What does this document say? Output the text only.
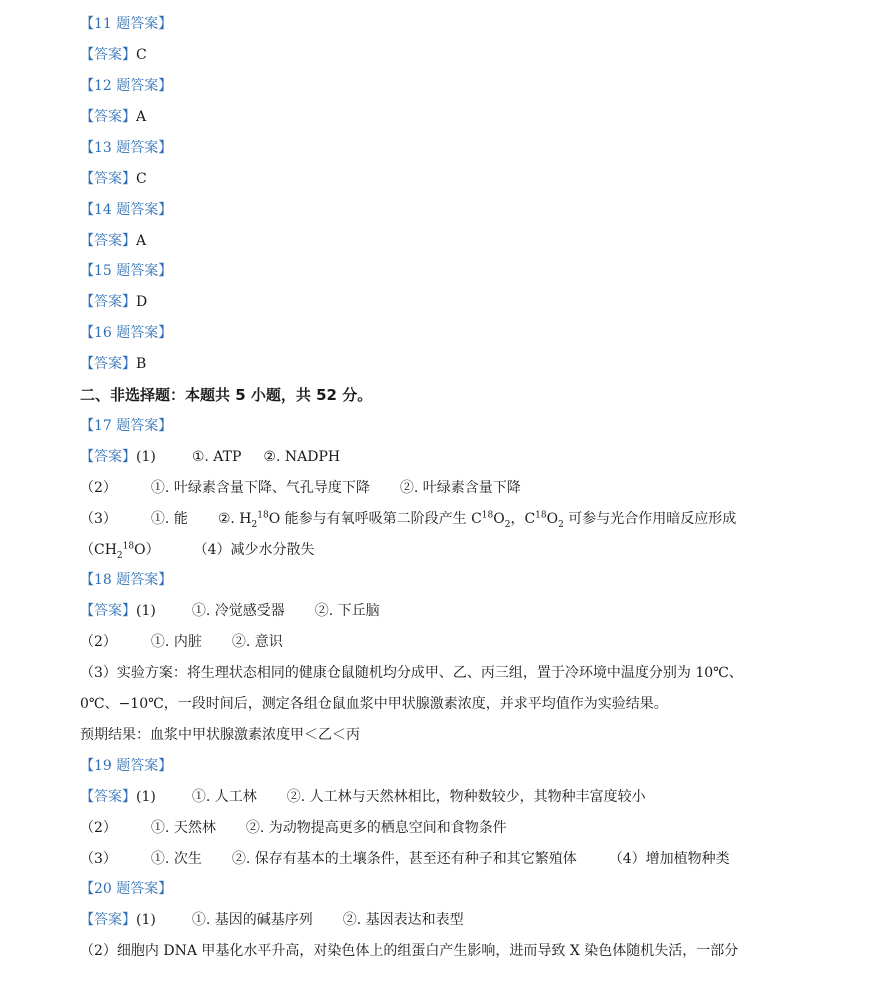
【11 题答案】
【答案】C
【12 题答案】
【答案】A
【13 题答案】
【答案】C
【14 题答案】
【答案】A
【15 题答案】
【答案】D
【16 题答案】
【答案】B
二、非选择题：本题共 5 小题，共 52 分。
【17 题答案】
【答案】(1)	①. ATP ②. NADPH
（2） ①. 叶绿素含量下降、气孔导度下降 ②. 叶绿素含量下降
（3） ①. 能 ②. $H_2^{18}O$ 能参与有氧呼吸第二阶段产生 $C^{18}O_2$，$C^{18}O_2$ 可参与光合作用暗反应形成
$(CH_2^{18}O)$ （4）减少水分散失
【18 题答案】
【答案】(1)	①. 冷觉感受器 ②. 下丘脑
（2） ①. 内脏 ②. 意识
（3）实验方案：将生理状态相同的健康仓鼠随机均分成甲、乙、丙三组，置于冷环境中温度分别为 10℃、
0℃、−10℃，一段时间后，测定各组仓鼠血浆中甲状腺激素浓度，并求平均值作为实验结果。
预期结果：血浆中甲状腺激素浓度甲＜乙＜丙
【19 题答案】
【答案】(1)	①. 人工林 ②. 人工林与天然林相比，物种数较少，其物种丰富度较小
（2） ①. 天然林 ②. 为动物提高更多的栖息空间和食物条件
（3） ①. 次生 ②. 保存有基本的土壤条件，甚至还有种子和其它繁殖体 （4）增加植物种类
【20 题答案】
【答案】(1)	①. 基因的碱基序列 ②. 基因表达和表型
（2）细胞内 DNA 甲基化水平升高，对染色体上的组蛋白产生影响，进而导致 X 染色体随机失活，一部分
